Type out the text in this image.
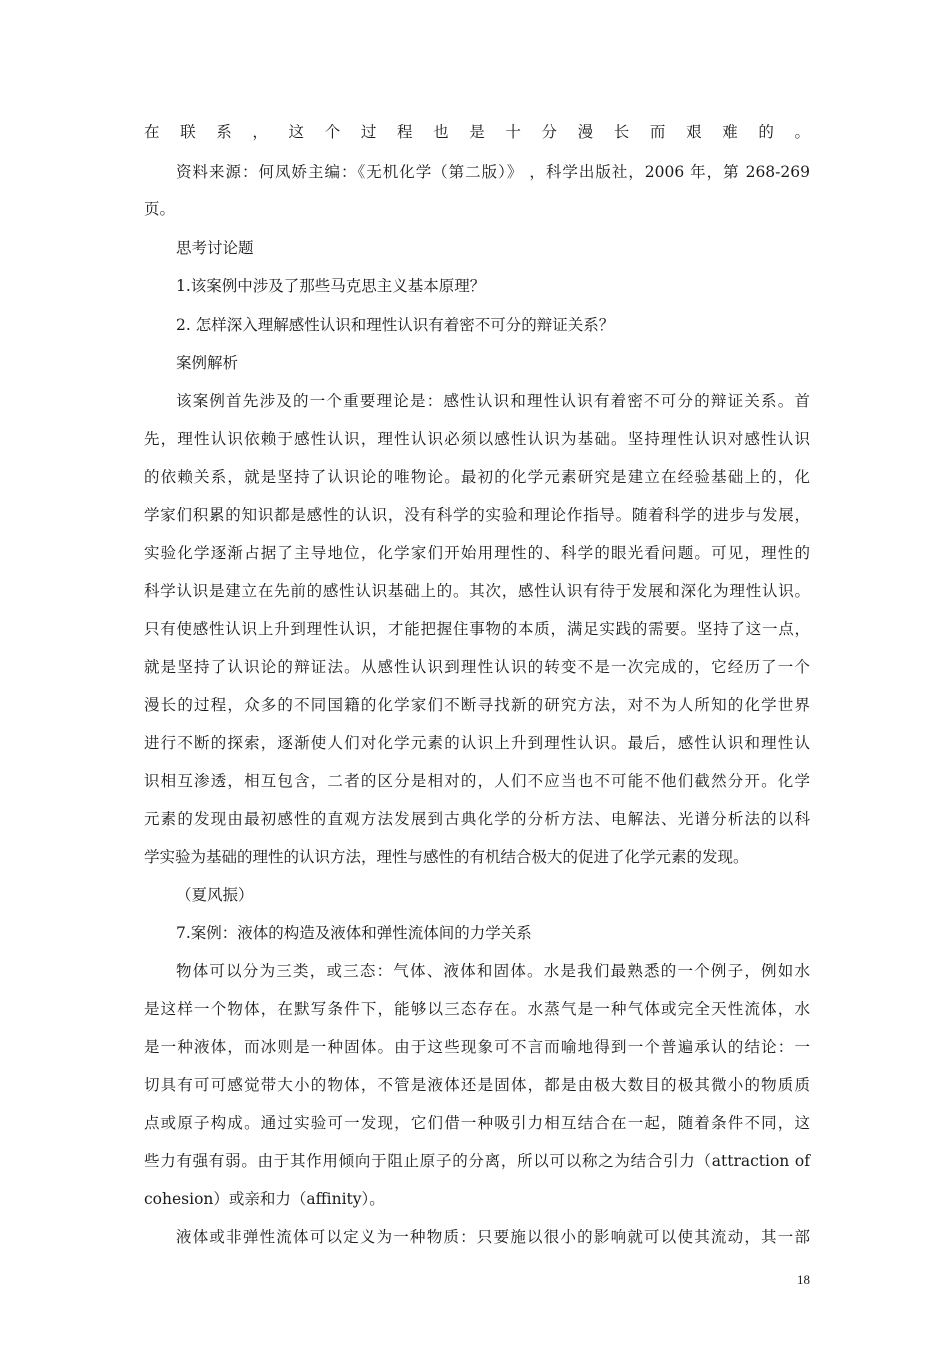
在联系，这个过程也是十分漫长而艰难的。
资料来源：何凤娇主编：《无机化学（第二版）》 ，科学出版社，2006 年，第 268-269
页。
思考讨论题
1.该案例中涉及了那些马克思主义基本原理？
2. 怎样深入理解感性认识和理性认识有着密不可分的辩证关系？
案例解析
该案例首先涉及的一个重要理论是：感性认识和理性认识有着密不可分的辩证关系。首
先，理性认识依赖于感性认识，理性认识必须以感性认识为基础。坚持理性认识对感性认识
的依赖关系，就是坚持了认识论的唯物论。最初的化学元素研究是建立在经验基础上的，化
学家们积累的知识都是感性的认识，没有科学的实验和理论作指导。随着科学的进步与发展，
实验化学逐渐占据了主导地位，化学家们开始用理性的、科学的眼光看问题。可见，理性的
科学认识是建立在先前的感性认识基础上的。其次，感性认识有待于发展和深化为理性认识。
只有使感性认识上升到理性认识，才能把握住事物的本质，满足实践的需要。坚持了这一点，
就是坚持了认识论的辩证法。从感性认识到理性认识的转变不是一次完成的，它经历了一个
漫长的过程，众多的不同国籍的化学家们不断寻找新的研究方法，对不为人所知的化学世界
进行不断的探索，逐渐使人们对化学元素的认识上升到理性认识。最后，感性认识和理性认
识相互渗透，相互包含，二者的区分是相对的，人们不应当也不可能不他们截然分开。化学
元素的发现由最初感性的直观方法发展到古典化学的分析方法、电解法、光谱分析法的以科
学实验为基础的理性的认识方法，理性与感性的有机结合极大的促进了化学元素的发现。
（夏风振）
7.案例：液体的构造及液体和弹性流体间的力学关系
物体可以分为三类，或三态：气体、液体和固体。水是我们最熟悉的一个例子，例如水
是这样一个物体，在默写条件下，能够以三态存在。水蒸气是一种气体或完全天性流体，水
是一种液体，而冰则是一种固体。由于这些现象可不言而喻地得到一个普遍承认的结论：一
切具有可可感觉带大小的物体，不管是液体还是固体，都是由极大数目的极其微小的物质质
点或原子构成。通过实验可一发现，它们借一种吸引力相互结合在一起，随着条件不同，这
些力有强有弱。由于其作用倾向于阻止原子的分离，所以可以称之为结合引力（attraction of
cohesion）或亲和力（affinity）。
液体或非弹性流体可以定义为一种物质：只要施以很小的影响就可以使其流动，其一部
18
